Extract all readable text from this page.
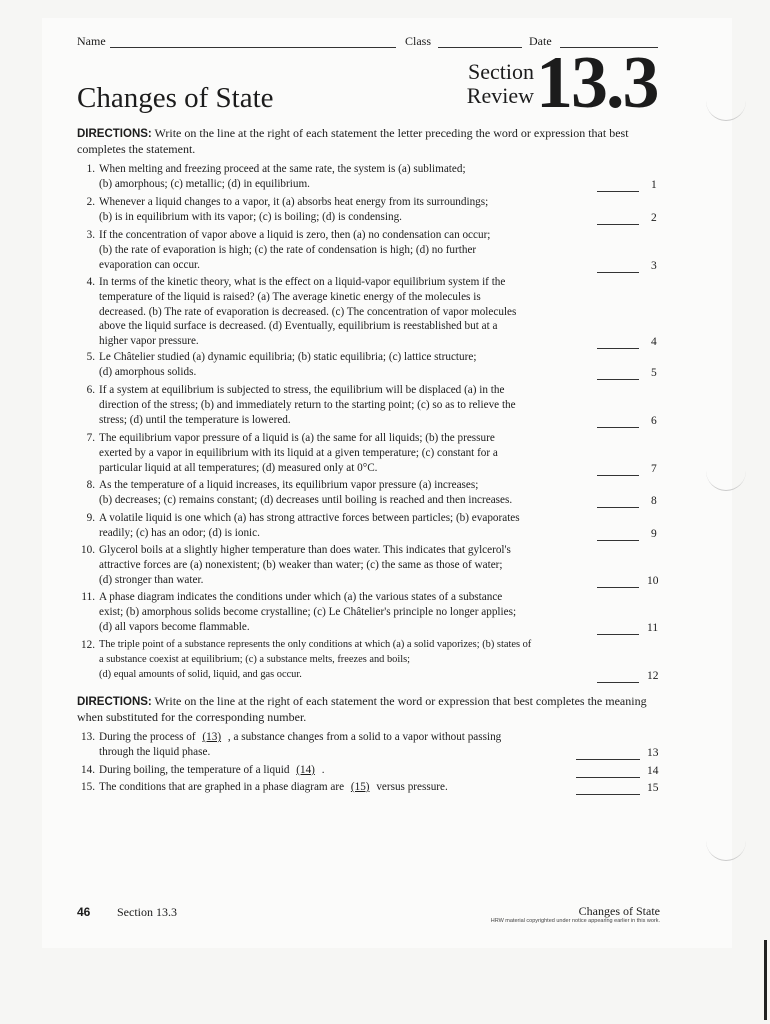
Name	Class	Date
Changes of State
Section
Review 13.3
DIRECTIONS: Write on the line at the right of each statement the letter preceding the word or expression that best completes the statement.
1. When melting and freezing proceed at the same rate, the system is (a) sublimated;
(b) amorphous; (c) metallic; (d) in equilibrium.	1
2. Whenever a liquid changes to a vapor, it (a) absorbs heat energy from its surroundings;
(b) is in equilibrium with its vapor; (c) is boiling; (d) is condensing.	2
3. If the concentration of vapor above a liquid is zero, then (a) no condensation can occur;
(b) the rate of evaporation is high; (c) the rate of condensation is high; (d) no further
evaporation can occur.	3
4. In terms of the kinetic theory, what is the effect on a liquid-vapor equilibrium system if the
temperature of the liquid is raised? (a) The average kinetic energy of the molecules is
decreased. (b) The rate of evaporation is decreased. (c) The concentration of vapor molecules
above the liquid surface is decreased. (d) Eventually, equilibrium is reestablished but at a
higher vapor pressure.	4
5. Le Châtelier studied (a) dynamic equilibria; (b) static equilibria; (c) lattice structure;
(d) amorphous solids.	5
6. If a system at equilibrium is subjected to stress, the equilibrium will be displaced (a) in the
direction of the stress; (b) and immediately return to the starting point; (c) so as to relieve the
stress; (d) until the temperature is lowered.	6
7. The equilibrium vapor pressure of a liquid is (a) the same for all liquids; (b) the pressure
exerted by a vapor in equilibrium with its liquid at a given temperature; (c) constant for a
particular liquid at all temperatures; (d) measured only at 0°C.	7
8. As the temperature of a liquid increases, its equilibrium vapor pressure (a) increases;
(b) decreases; (c) remains constant; (d) decreases until boiling is reached and then increases.	8
9. A volatile liquid is one which (a) has strong attractive forces between particles; (b) evaporates
readily; (c) has an odor; (d) is ionic.	9
10. Glycerol boils at a slightly higher temperature than does water. This indicates that gylcerol's
attractive forces are (a) nonexistent; (b) weaker than water; (c) the same as those of water;
(d) stronger than water.	10
11. A phase diagram indicates the conditions under which (a) the various states of a substance
exist; (b) amorphous solids become crystalline; (c) Le Châtelier's principle no longer applies;
(d) all vapors become flammable.	11
12. The triple point of a substance represents the only conditions at which (a) a solid vaporizes; (b) states of
a substance coexist at equilibrium; (c) a substance melts, freezes and boils;
(d) equal amounts of solid, liquid, and gas occur.	12
DIRECTIONS: Write on the line at the right of each statement the word or expression that best completes the meaning when substituted for the corresponding number.
13. During the process of (13) , a substance changes from a solid to a vapor without passing
through the liquid phase.	13
14. During boiling, the temperature of a liquid (14) .	14
15. The conditions that are graphed in a phase diagram are (15) versus pressure.	15
46 Section 13.3	Changes of State
HRW material copyrighted under notice appearing earlier in this work.
